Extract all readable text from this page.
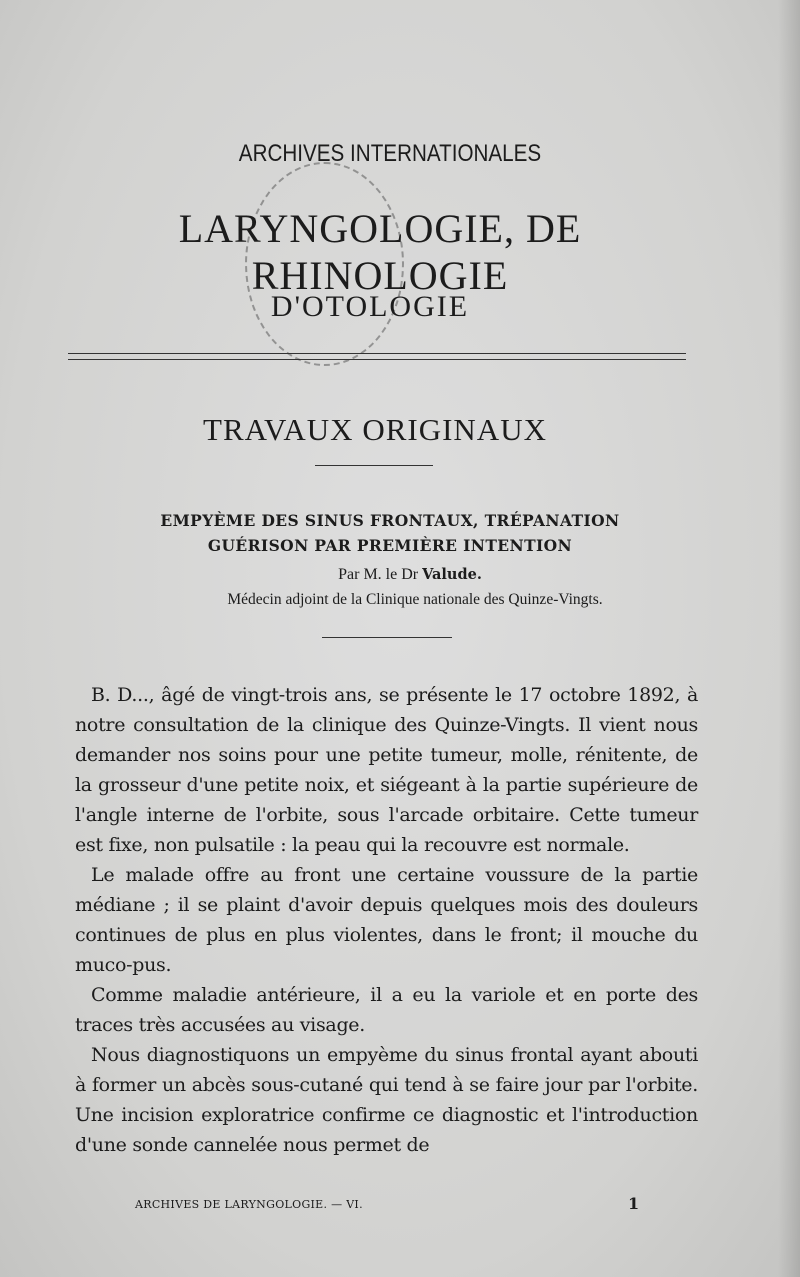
ARCHIVES INTERNATIONALES
LARYNGOLOGIE, DE RHINOLOGIE
D'OTOLOGIE
TRAVAUX ORIGINAUX
EMPYÈME DES SINUS FRONTAUX, TRÉPANATION
GUÉRISON PAR PREMIÈRE INTENTION
Par M. le Dr Valude.
Médecin adjoint de la Clinique nationale des Quinze-Vingts.

B. D..., âgé de vingt-trois ans, se présente le 17 octobre 1892, à notre consultation de la clinique des Quinze-Vingts. Il vient nous demander nos soins pour une petite tumeur, molle, rénitente, de la grosseur d'une petite noix, et siégeant à la partie supérieure de l'angle interne de l'orbite, sous l'arcade orbitaire. Cette tumeur est fixe, non pulsatile : la peau qui la recouvre est normale.

Le malade offre au front une certaine voussure de la partie médiane ; il se plaint d'avoir depuis quelques mois des douleurs continues de plus en plus violentes, dans le front; il mouche du muco-pus.

Comme maladie antérieure, il a eu la variole et en porte des traces très accusées au visage.

Nous diagnostiquons un empyème du sinus frontal ayant abouti à former un abcès sous-cutané qui tend à se faire jour par l'orbite. Une incision exploratrice confirme ce diagnostic et l'introduction d'une sonde cannelée nous permet de

ARCHIVES DE LARYNGOLOGIE. — VI.	1
